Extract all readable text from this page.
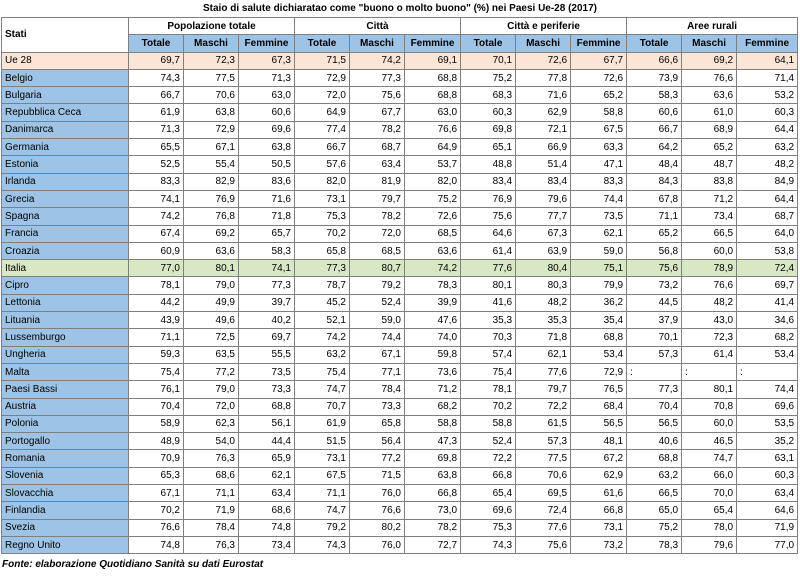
Staio di salute dichiaratao come "buono o molto buono" (%) nei Paesi Ue-28 (2017)
Stati	Popolazione totale			Città			Città e periferie			Aree rurali		
	Totale	Maschi	Femmine	Totale	Maschi	Femmine	Totale	Maschi	Femmine	Totale	Maschi	Femmine
Ue 28	69,7	72,3	67,3	71,5	74,2	69,1	70,1	72,6	67,7	66,6	69,2	64,1
Belgio	74,3	77,5	71,3	72,9	77,3	68,8	75,2	77,8	72,6	73,9	76,6	71,4
Bulgaria	66,7	70,6	63,0	72,0	75,6	68,8	68,3	71,6	65,2	58,3	63,6	53,2
Repubblica Ceca	61,9	63,8	60,6	64,9	67,7	63,0	60,3	62,9	58,8	60,6	61,0	60,3
Danimarca	71,3	72,9	69,6	77,4	78,2	76,6	69,8	72,1	67,5	66,7	68,9	64,4
Germania	65,5	67,1	63,8	66,7	68,7	64,9	65,1	66,9	63,3	64,2	65,2	63,2
Estonia	52,5	55,4	50,5	57,6	63,4	53,7	48,8	51,4	47,1	48,4	48,7	48,2
Irlanda	83,3	82,9	83,6	82,0	81,9	82,0	83,4	83,4	83,3	84,3	83,8	84,9
Grecia	74,1	76,9	71,6	73,1	79,7	75,2	76,9	79,6	74,4	67,8	71,2	64,4
Spagna	74,2	76,8	71,8	75,3	78,2	72,6	75,6	77,7	73,5	71,1	73,4	68,7
Francia	67,4	69,2	65,7	70,2	72,0	68,5	64,6	67,3	62,1	65,2	66,5	64,0
Croazia	60,9	63,6	58,3	65,8	68,5	63,6	61,4	63,9	59,0	56,8	60,0	53,8
Italia	77,0	80,1	74,1	77,3	80,7	74,2	77,6	80,4	75,1	75,6	78,9	72,4
Cipro	78,1	79,0	77,3	78,7	79,2	78,3	80,1	80,3	79,9	73,2	76,6	69,7
Lettonia	44,2	49,9	39,7	45,2	52,4	39,9	41,6	48,2	36,2	44,5	48,2	41,4
Lituania	43,9	49,6	40,2	52,1	59,0	47,6	35,3	35,3	35,4	37,9	43,0	34,6
Lussemburgo	71,1	72,5	69,7	74,2	74,4	74,0	70,3	71,8	68,8	70,1	72,3	68,2
Ungheria	59,3	63,5	55,5	63,2	67,1	59,8	57,4	62,1	53,4	57,3	61,4	53,4
Malta	75,4	77,2	73,5	75,4	77,1	73,6	75,4	77,6	72,9	:	:	:
Paesi Bassi	76,1	79,0	73,3	74,7	78,4	71,2	78,1	79,7	76,5	77,3	80,1	74,4
Austria	70,4	72,0	68,8	70,7	73,3	68,2	70,2	72,2	68,4	70,4	70,8	69,6
Polonia	58,9	62,3	56,1	61,9	65,8	58,8	58,8	61,5	56,5	56,5	60,0	53,5
Portogallo	48,9	54,0	44,4	51,5	56,4	47,3	52,4	57,3	48,1	40,6	46,5	35,2
Romania	70,9	76,3	65,9	73,1	77,2	69,8	72,2	77,5	67,2	68,8	74,7	63,1
Slovenia	65,3	68,6	62,1	67,5	71,5	63,8	66,8	70,6	62,9	63,2	66,0	60,3
Slovacchia	67,1	71,1	63,4	71,1	76,0	66,8	65,4	69,5	61,6	66,5	70,0	63,4
Finlandia	70,2	71,9	68,6	74,7	76,6	73,0	69,6	72,4	66,8	65,0	65,4	64,6
Svezia	76,6	78,4	74,8	79,2	80,2	78,2	75,3	77,6	73,1	75,2	78,0	71,9
Regno Unito	74,8	76,3	73,4	74,3	76,0	72,7	74,3	75,6	73,2	78,3	79,6	77,0
Fonte: elaborazione Quotidiano Sanità su dati Eurostat
